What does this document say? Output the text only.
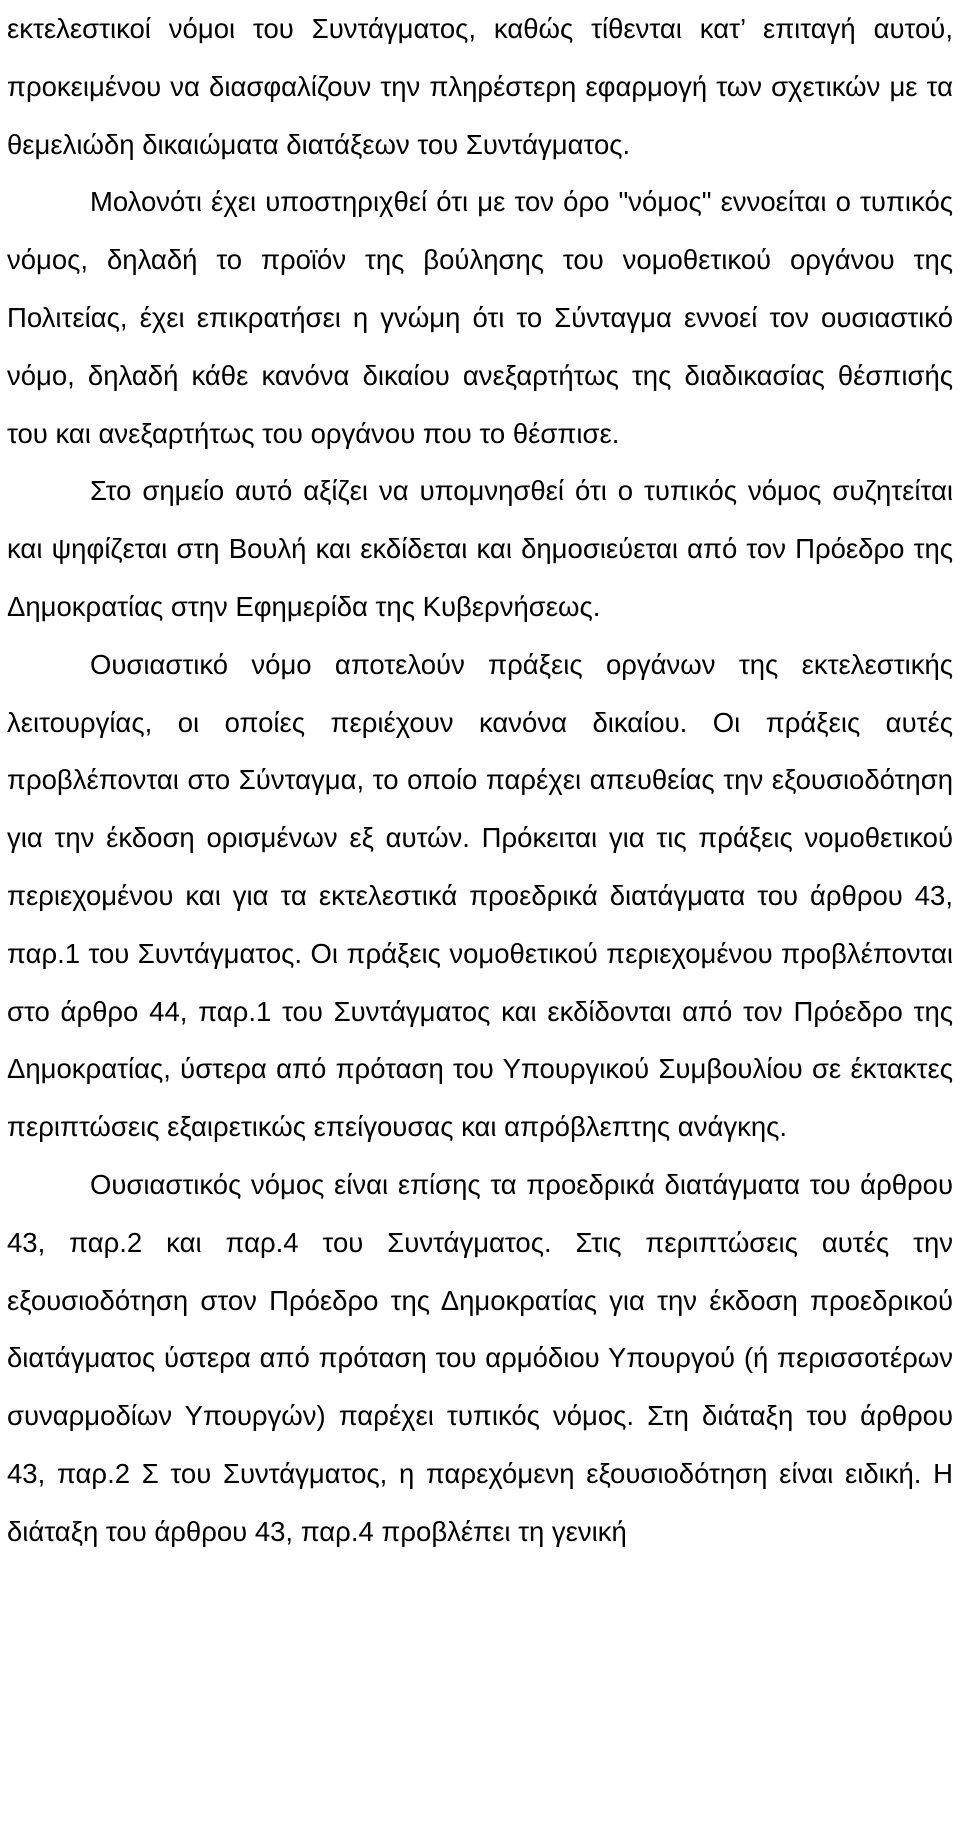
εκτελεστικοί νόμοι του Συντάγματος, καθώς τίθενται κατ’ επιταγή αυτού, προκειμένου να διασφαλίζουν την πληρέστερη εφαρμογή των σχετικών με τα θεμελιώδη δικαιώματα διατάξεων του Συντάγματος.

Μολονότι έχει υποστηριχθεί ότι με τον όρο "νόμος" εννοείται ο τυπικός νόμος, δηλαδή το προϊόν της βούλησης του νομοθετικού οργάνου της Πολιτείας, έχει επικρατήσει η γνώμη ότι το Σύνταγμα εννοεί τον ουσιαστικό νόμο, δηλαδή κάθε κανόνα δικαίου ανεξαρτήτως της διαδικασίας θέσπισής του και ανεξαρτήτως του οργάνου που το θέσπισε.

Στο σημείο αυτό αξίζει να υπομνησθεί ότι ο τυπικός νόμος συζητείται και ψηφίζεται στη Βουλή και εκδίδεται και δημοσιεύεται από τον Πρόεδρο της Δημοκρατίας στην Εφημερίδα της Κυβερνήσεως.

Ουσιαστικό νόμο αποτελούν πράξεις οργάνων της εκτελεστικής λειτουργίας, οι οποίες περιέχουν κανόνα δικαίου. Οι πράξεις αυτές προβλέπονται στο Σύνταγμα, το οποίο παρέχει απευθείας την εξουσιοδότηση για την έκδοση ορισμένων εξ αυτών. Πρόκειται για τις πράξεις νομοθετικού περιεχομένου και για τα εκτελεστικά προεδρικά διατάγματα του άρθρου 43, παρ.1 του Συντάγματος. Οι πράξεις νομοθετικού περιεχομένου προβλέπονται στο άρθρο 44, παρ.1 του Συντάγματος και εκδίδονται από τον Πρόεδρο της Δημοκρατίας, ύστερα από πρόταση του Υπουργικού Συμβουλίου σε έκτακτες περιπτώσεις εξαιρετικώς επείγουσας και απρόβλεπτης ανάγκης.

Ουσιαστικός νόμος είναι επίσης τα προεδρικά διατάγματα του άρθρου 43, παρ.2 και παρ.4 του Συντάγματος. Στις περιπτώσεις αυτές την εξουσιοδότηση στον Πρόεδρο της Δημοκρατίας για την έκδοση προεδρικού διατάγματος ύστερα από πρόταση του αρμόδιου Υπουργού (ή περισσοτέρων συναρμοδίων Υπουργών) παρέχει τυπικός νόμος. Στη διάταξη του άρθρου 43, παρ.2 Σ του Συντάγματος, η παρεχόμενη εξουσιοδότηση είναι ειδική. Η διάταξη του άρθρου 43, παρ.4 προβλέπει τη γενική
